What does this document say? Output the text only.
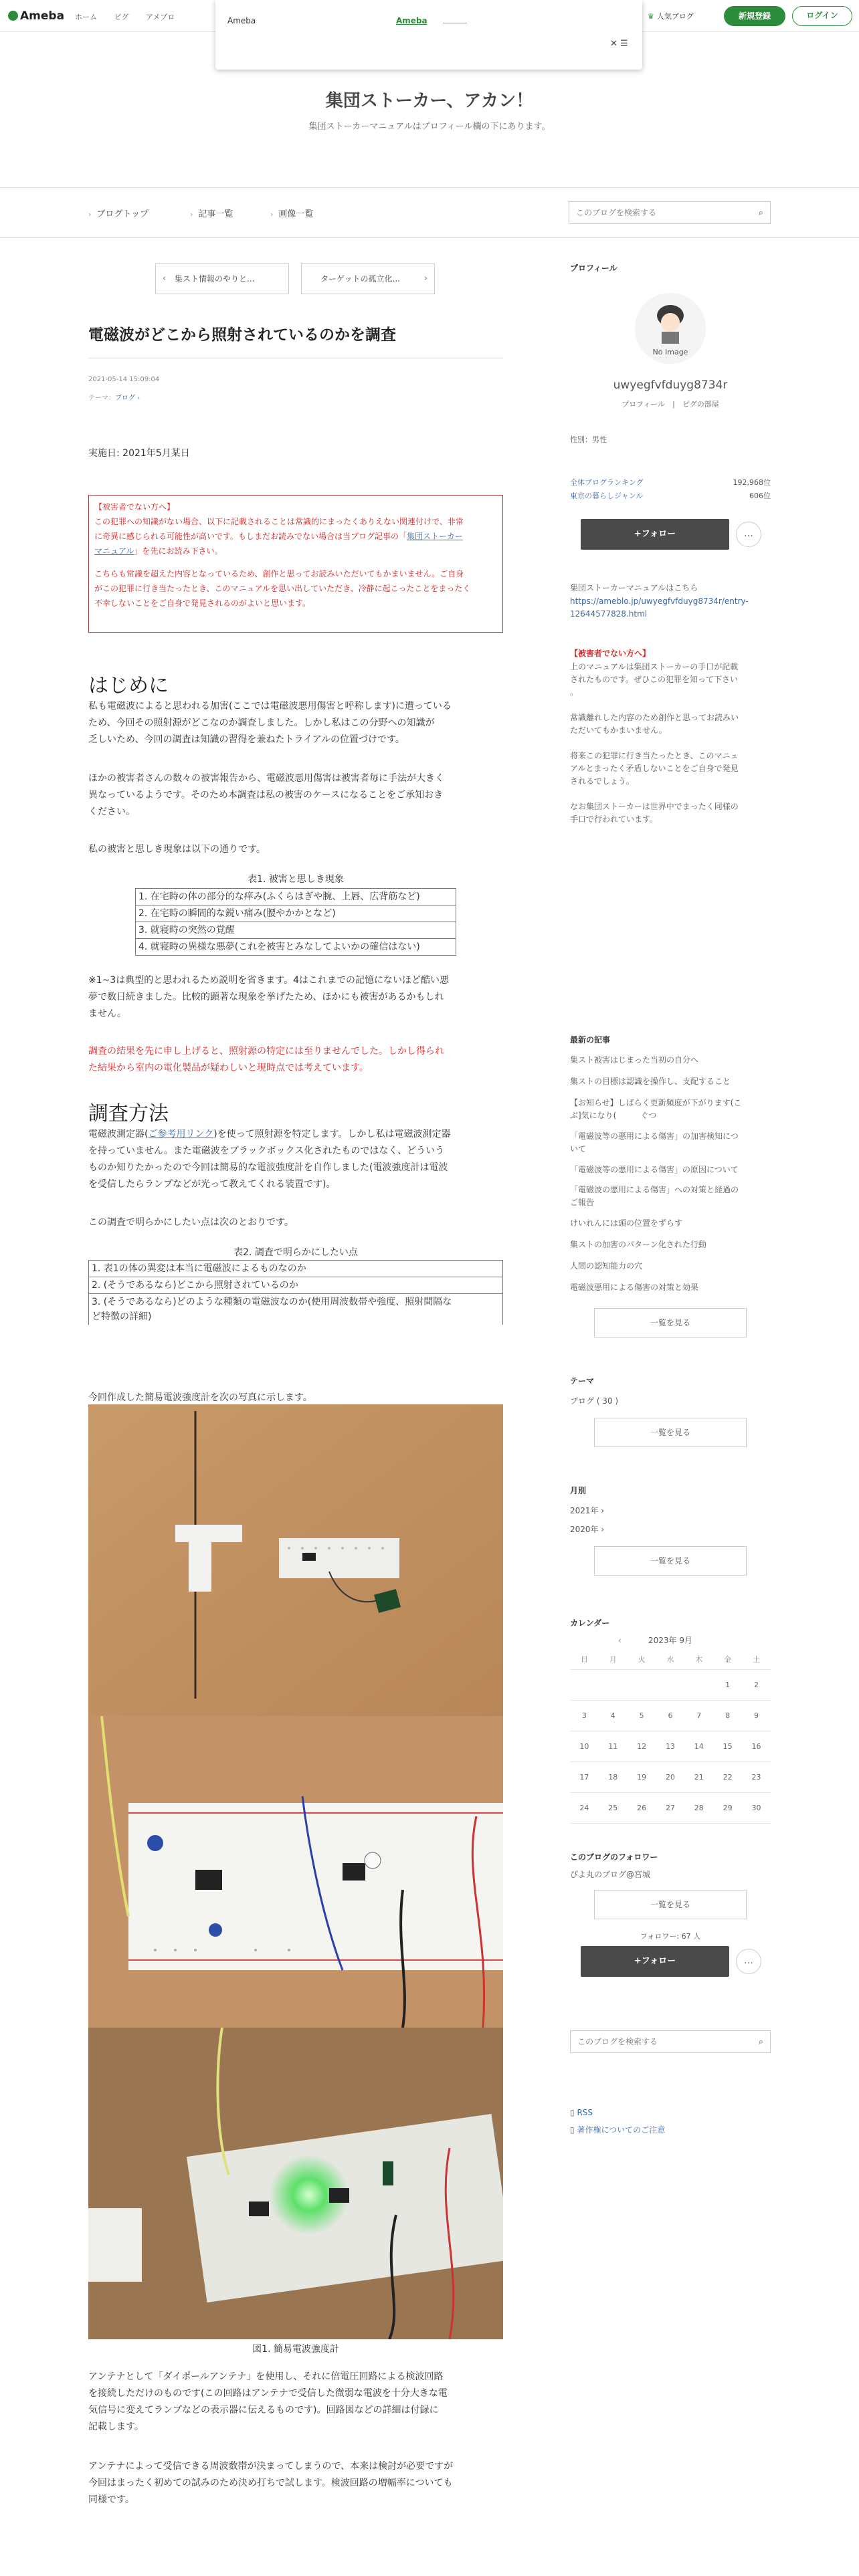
Ameba ホーム ピグ アメブロ	♛ 人気ブログ	新規登録	ログイン
Ameba	Ameba
✕ ☰
集団ストーカー、アカン！
集団ストーカーマニュアルはプロフィール欄の下にあります。
› ブログトップ	› 記事一覧	› 画像一覧
このブログを検索する	⌕
‹ 集スト情報のやりと...	ターゲットの孤立化...	›
電磁波がどこから照射されているのかを調査
2021-05-14 15:09:04
テーマ：ブログ ›
実施日: 2021年5月某日
【被害者でない方へ】
この犯罪への知識がない場合、以下に記載されることは常識的にまったくありえない関連付けで、非常
に奇異に感じられる可能性が高いです。もしまだお読みでない場合は当ブログ記事の「集団ストーカー
マニュアル」を先にお読み下さい。
こちらも常識を超えた内容となっているため、創作と思ってお読みいただいてもかまいません。ご自身
がこの犯罪に行き当たったとき、このマニュアルを思い出していただき、冷静に起こったことをまったく
不幸しないことをご自身で発見されるのがよいと思います。
はじめに
私も電磁波によると思われる加害(ここでは電磁波悪用傷害と呼称します)に遭っている
ため、今回その照射源がどこなのか調査しました。しかし私はこの分野への知識が
乏しいため、今回の調査は知識の習得を兼ねたトライアルの位置づけです。
ほかの被害者さんの数々の被害報告から、電磁波悪用傷害は被害者毎に手法が大きく
異なっているようです。そのため本調査は私の被害のケースになることをご承知おき
ください。
私の被害と思しき現象は以下の通りです。
表1. 被害と思しき現象
1. 在宅時の体の部分的な痒み(ふくらはぎや腕、上唇、広背筋など)
2. 在宅時の瞬間的な鋭い痛み(腰やかかとなど)
3. 就寝時の突然の覚醒
4. 就寝時の異様な悪夢(これを被害とみなしてよいかの確信はない)
※1~3は典型的と思われるため説明を省きます。4はこれまでの記憶にないほど酷い悪
夢で数日続きました。比較的顕著な現象を挙げたため、ほかにも被害があるかもしれ
ません。
調査の結果を先に申し上げると、照射源の特定には至りませんでした。しかし得られ
た結果から室内の電化製品が疑わしいと現時点では考えています。
調査方法
電磁波測定器(ご参考用リンク)を使って照射源を特定します。しかし私は電磁波測定器
を持っていません。また電磁波をブラックボックス化されたものではなく、どういう
ものか知りたかったので今回は簡易的な電波強度計を自作しました(電波強度計は電波
を受信したらランプなどが光って教えてくれる装置です)。
この調査で明らかにしたい点は次のとおりです。
表2. 調査で明らかにしたい点
1. 表1の体の異変は本当に電磁波によるものなのか
2. (そうであるなら)どこから照射されているのか

3. (そうであるなら)どのような種類の電磁波なのか(使用周波数帯や強度、照射間隔な
ど特徴の詳細)
今回作成した簡易電波強度計を次の写真に示します。
図1. 簡易電波強度計
アンテナとして「ダイポールアンテナ」を使用し、それに倍電圧回路による検波回路
を接続しただけのものです(この回路はアンテナで受信した微弱な電波を十分大きな電
気信号に変えてランプなどの表示器に伝えるものです)。回路図などの詳細は付録に
記載します。
アンテナによって受信できる周波数帯が決まってしまうので、本来は検討が必要ですが
今回はまったく初めての試みのため決め打ちで試します。検波回路の増幅率についても
同様です。
プロフィール
No Image
uwyegfvfduyg8734r
プロフィール　|　ピグの部屋
性別：男性
全体ブログランキング	192,968位
東京の暮らしジャンル	606位
+フォロー	…
集団ストーカーマニュアルはこちら
https://ameblo.jp/uwyegfvfduyg8734r/entry-
12644577828.html
【被害者でない方へ】
上のマニュアルは集団ストーカーの手口が記載
されたものです。ぜひこの犯罪を知って下さい
。
常識離れした内容のため創作と思ってお読みい
ただいてもかまいません。
将来この犯罪に行き当たったとき、このマニュ
アルとまったく矛盾しないことをご自身で発見
されるでしょう。
なお集団ストーカーは世界中でまったく同様の
手口で行われています。
最新の記事
集スト被害はじまった当初の自分へ
集ストの目標は認識を操作し、支配すること
【お知らせ】しばらく更新頻度が下がります(こ
ぶ]気になり(　　　ぐつ
「電磁波等の悪用による傷害」の加害検知につ
いて
「電磁波等の悪用による傷害」の原因について
「電磁波の悪用による傷害」への対策と経過の
ご報告
けいれんには頭の位置をずらす
集ストの加害のパターン化された行動
人間の認知能力の穴
電磁波悪用による傷害の対策と効果
一覧を見る
テーマ
ブログ ( 30 )
一覧を見る
月別
2021年 ›
2020年 ›
一覧を見る
カレンダー
‹	2023年 9月
日	月	火	水	木	金	土
					1	2
3	4	5	6	7	8	9
10	11	12	13	14	15	16
17	18	19	20	21	22	23
24	25	26	27	28	29	30
このブログのフォロワー
ぴよ丸のブログ@宮城
一覧を見る
フォロワー: 67 人
+フォロー	…
このブログを検索する
⌕
▯ RSS
▯ 著作権についてのご注意
